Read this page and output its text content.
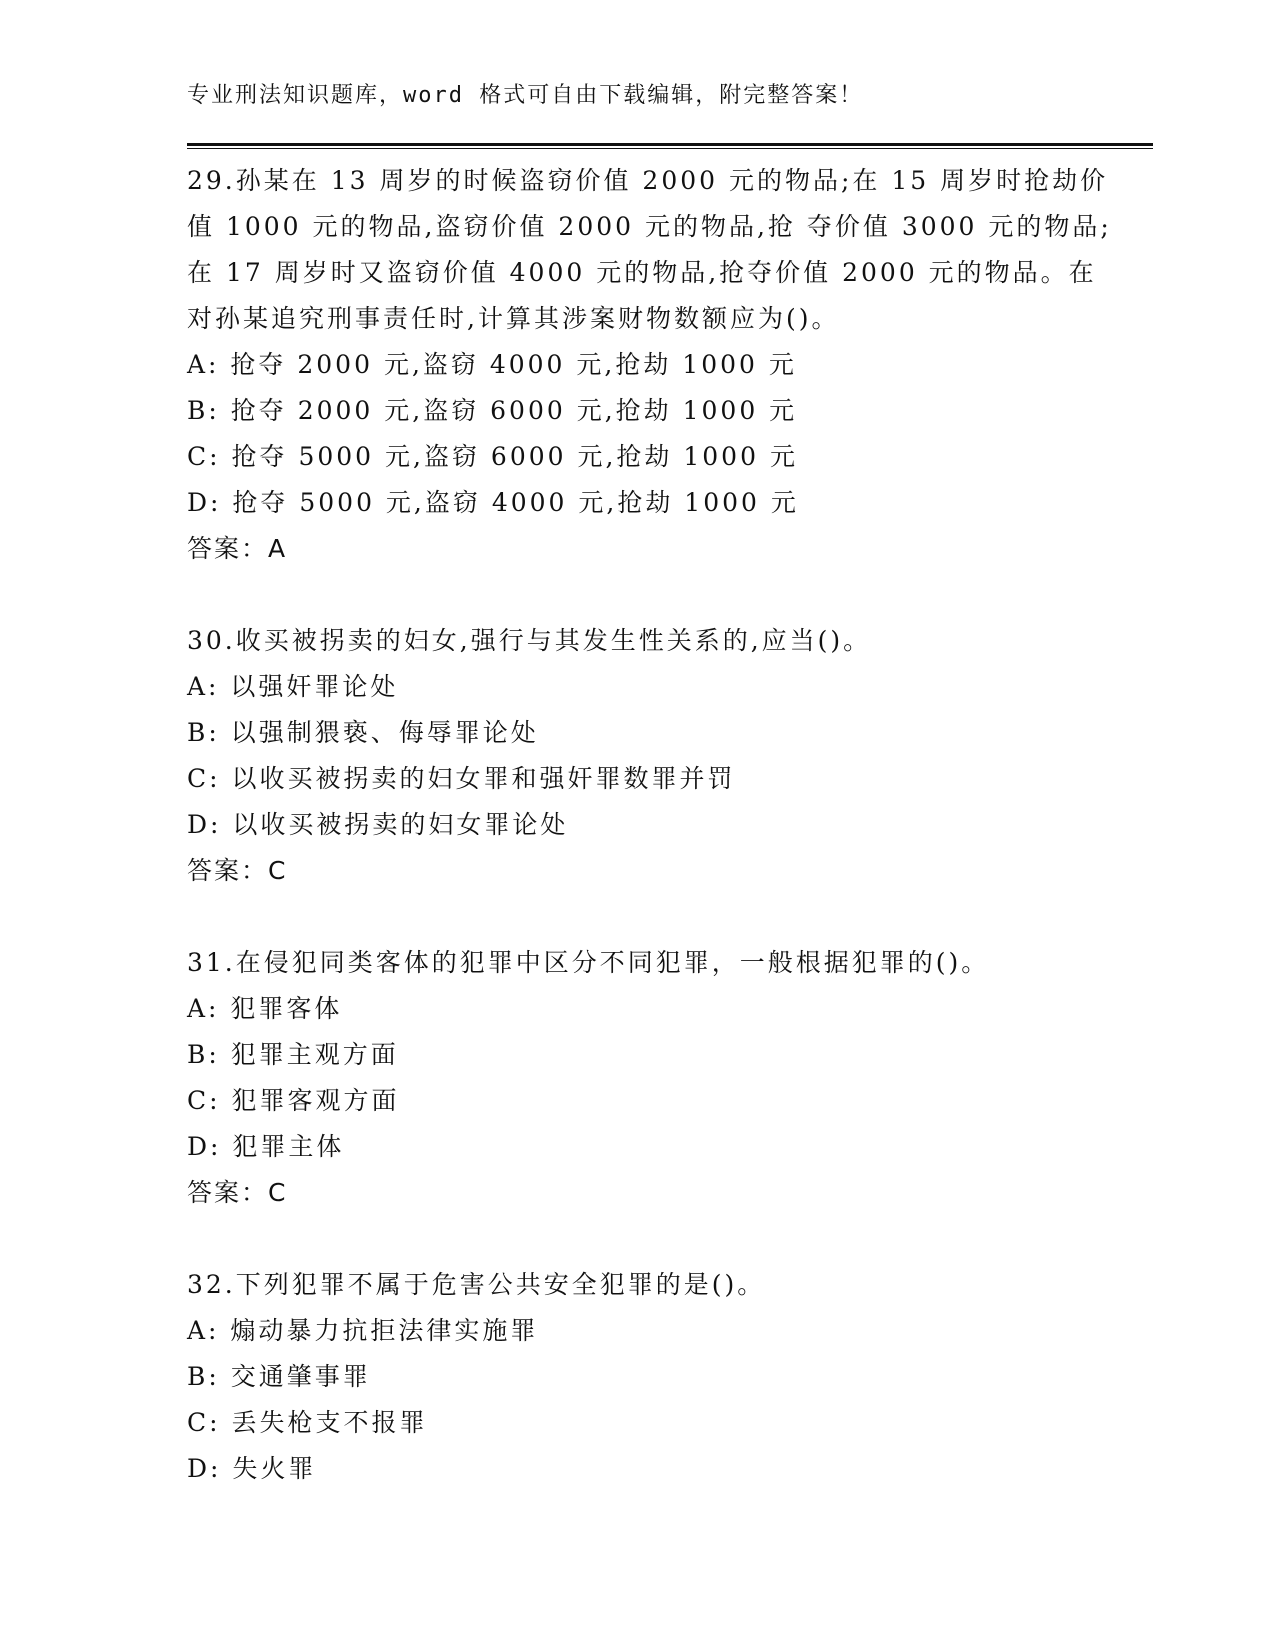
专业刑法知识题库，word 格式可自由下载编辑，附完整答案！
29.孙某在 13 周岁的时候盗窃价值 2000 元的物品;在 15 周岁时抢劫价
值 1000 元的物品,盗窃价值 2000 元的物品,抢 夺价值 3000 元的物品;
在 17 周岁时又盗窃价值 4000 元的物品,抢夺价值 2000 元的物品。在
对孙某追究刑事责任时,计算其涉案财物数额应为()。
A: 抢夺 2000 元,盗窃 4000 元,抢劫 1000 元
B: 抢夺 2000 元,盗窃 6000 元,抢劫 1000 元
C: 抢夺 5000 元,盗窃 6000 元,抢劫 1000 元
D: 抢夺 5000 元,盗窃 4000 元,抢劫 1000 元
答案：A
30.收买被拐卖的妇女,强行与其发生性关系的,应当()。
A: 以强奸罪论处
B: 以强制猥亵、侮辱罪论处
C: 以收买被拐卖的妇女罪和强奸罪数罪并罚
D: 以收买被拐卖的妇女罪论处
答案：C
31.在侵犯同类客体的犯罪中区分不同犯罪，一般根据犯罪的()。
A: 犯罪客体
B: 犯罪主观方面
C: 犯罪客观方面
D: 犯罪主体
答案：C
32.下列犯罪不属于危害公共安全犯罪的是()。
A: 煽动暴力抗拒法律实施罪
B: 交通肇事罪
C: 丢失枪支不报罪
D: 失火罪
